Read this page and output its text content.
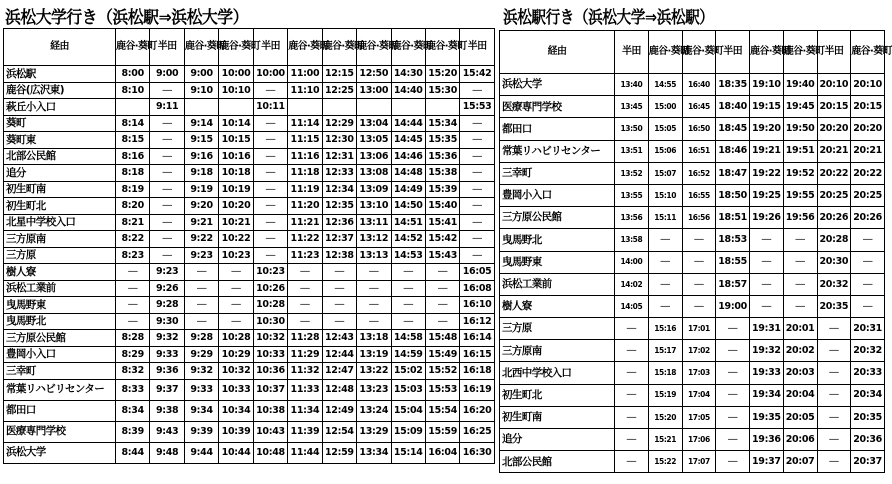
浜松大学行き（浜松駅⇒浜松大学）
経由	鹿谷·葵町	半田	鹿谷·葵町	鹿谷·葵町	半田	鹿谷·葵町	鹿谷·葵町	鹿谷·葵町	鹿谷·葵町	鹿谷·葵町	半田
浜松駅	8:00	9:00	9:00	10:00	10:00	11:00	12:15	12:50	14:30	15:20	15:42
鹿谷(広沢東)	8:10	―	9:10	10:10	―	11:10	12:25	13:00	14:40	15:30	―
萩丘小入口		9:11			10:11						15:53
葵町	8:14	―	9:14	10:14	―	11:14	12:29	13:04	14:44	15:34	―
葵町東	8:15	―	9:15	10:15	―	11:15	12:30	13:05	14:45	15:35	―
北部公民館	8:16	―	9:16	10:16	―	11:16	12:31	13:06	14:46	15:36	―
追分	8:18	―	9:18	10:18	―	11:18	12:33	13:08	14:48	15:38	―
初生町南	8:19	―	9:19	10:19	―	11:19	12:34	13:09	14:49	15:39	―
初生町北	8:20	―	9:20	10:20	―	11:20	12:35	13:10	14:50	15:40	―
北星中学校入口	8:21	―	9:21	10:21	―	11:21	12:36	13:11	14:51	15:41	―
三方原南	8:22	―	9:22	10:22	―	11:22	12:37	13:12	14:52	15:42	―
三方原	8:23	―	9:23	10:23	―	11:23	12:38	13:13	14:53	15:43	―
樹人寮	―	9:23	―	―	10:23	―	―	―	―	―	16:05
浜松工業前	―	9:26	―	―	10:26	―	―	―	―	―	16:08
曳馬野東	―	9:28	―	―	10:28	―	―	―	―	―	16:10
曳馬野北	―	9:30	―	―	10:30	―	―	―	―	―	16:12
三方原公民館	8:28	9:32	9:28	10:28	10:32	11:28	12:43	13:18	14:58	15:48	16:14
豊岡小入口	8:29	9:33	9:29	10:29	10:33	11:29	12:44	13:19	14:59	15:49	16:15
三幸町	8:32	9:36	9:32	10:32	10:36	11:32	12:47	13:22	15:02	15:52	16:18
常葉リハビリセンター	8:33	9:37	9:33	10:33	10:37	11:33	12:48	13:23	15:03	15:53	16:19
都田口	8:34	9:38	9:34	10:34	10:38	11:34	12:49	13:24	15:04	15:54	16:20
医療専門学校	8:39	9:43	9:39	10:39	10:43	11:39	12:54	13:29	15:09	15:59	16:25
浜松大学	8:44	9:48	9:44	10:44	10:48	11:44	12:59	13:34	15:14	16:04	16:30
浜松駅行き（浜松大学⇒浜松駅）
経由	半田	鹿谷·葵町	鹿谷·葵町	半田	鹿谷·葵町	鹿谷·葵町	半田	鹿谷·葵町
浜松大学	13:40	14:55	16:40	18:35	19:10	19:40	20:10	20:10
医療専門学校	13:45	15:00	16:45	18:40	19:15	19:45	20:15	20:15
都田口	13:50	15:05	16:50	18:45	19:20	19:50	20:20	20:20
常葉リハビリセンター	13:51	15:06	16:51	18:46	19:21	19:51	20:21	20:21
三幸町	13:52	15:07	16:52	18:47	19:22	19:52	20:22	20:22
豊岡小入口	13:55	15:10	16:55	18:50	19:25	19:55	20:25	20:25
三方原公民館	13:56	15:11	16:56	18:51	19:26	19:56	20:26	20:26
曳馬野北	13:58	―	―	18:53	―	―	20:28	―
曳馬野東	14:00	―	―	18:55	―	―	20:30	―
浜松工業前	14:02	―	―	18:57	―	―	20:32	―
樹人寮	14:05	―	―	19:00	―	―	20:35	―
三方原	―	15:16	17:01	―	19:31	20:01	―	20:31
三方原南	―	15:17	17:02	―	19:32	20:02	―	20:32
北西中学校入口	―	15:18	17:03	―	19:33	20:03	―	20:33
初生町北	―	15:19	17:04	―	19:34	20:04	―	20:34
初生町南	―	15:20	17:05	―	19:35	20:05	―	20:35
追分	―	15:21	17:06	―	19:36	20:06	―	20:36
北部公民館	―	15:22	17:07	―	19:37	20:07	―	20:37
